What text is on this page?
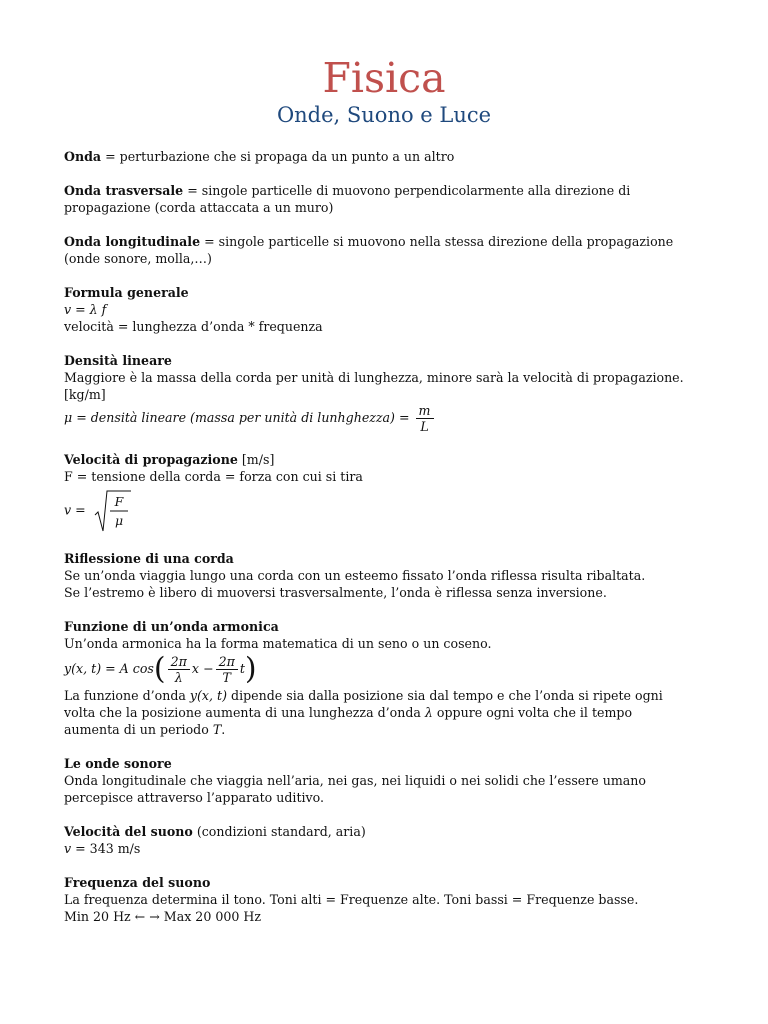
Fisica
Onde, Suono e Luce
Onda = perturbazione che si propaga da un punto a un altro
Onda trasversale = singole particelle di muovono perpendicolarmente alla direzione di
propagazione (corda attaccata a un muro)
Onda longitudinale = singole particelle si muovono nella stessa direzione della propagazione
(onde sonore, molla,…)
Formula generale
v = λ f
velocità = lunghezza d’onda * frequenza
Densità lineare
Maggiore è la massa della corda per unità di lunghezza, minore sarà la velocità di propagazione.
[kg/m]
μ = densità lineare (massa per unità di lunhghezza) = $\frac{m}{L}$
Velocità di propagazione [m/s]
F = tensione della corda = forza con cui si tira
v =
F
μ
Riflessione di una corda
Se un’onda viaggia lungo una corda con un esteemo fissato l’onda riflessa risulta ribaltata.
Se l’estremo è libero di muoversi trasversalmente, l’onda è riflessa senza inversione.
Funzione di un’onda armonica
Un’onda armonica ha la forma matematica di un seno o un coseno.
y(x, t) = A $\cos( \frac{2\pi}{\lambda}$ $x - \frac{2\pi}{T} t$)
La funzione d’onda y(x, t) dipende sia dalla posizione sia dal tempo e che l’onda si ripete ogni
volta che la posizione aumenta di una lunghezza d’onda λ oppure ogni volta che il tempo
aumenta di un periodo T.
Le onde sonore
Onda longitudinale che viaggia nell’aria, nei gas, nei liquidi o nei solidi che l’essere umano
percepisce attraverso l’apparato uditivo.
Velocità del suono (condizioni standard, aria)
v = 343 m/s
Frequenza del suono
La frequenza determina il tono. Toni alti = Frequenze alte. Toni bassi = Frequenze basse.
Min 20 Hz ← → Max 20 000 Hz
